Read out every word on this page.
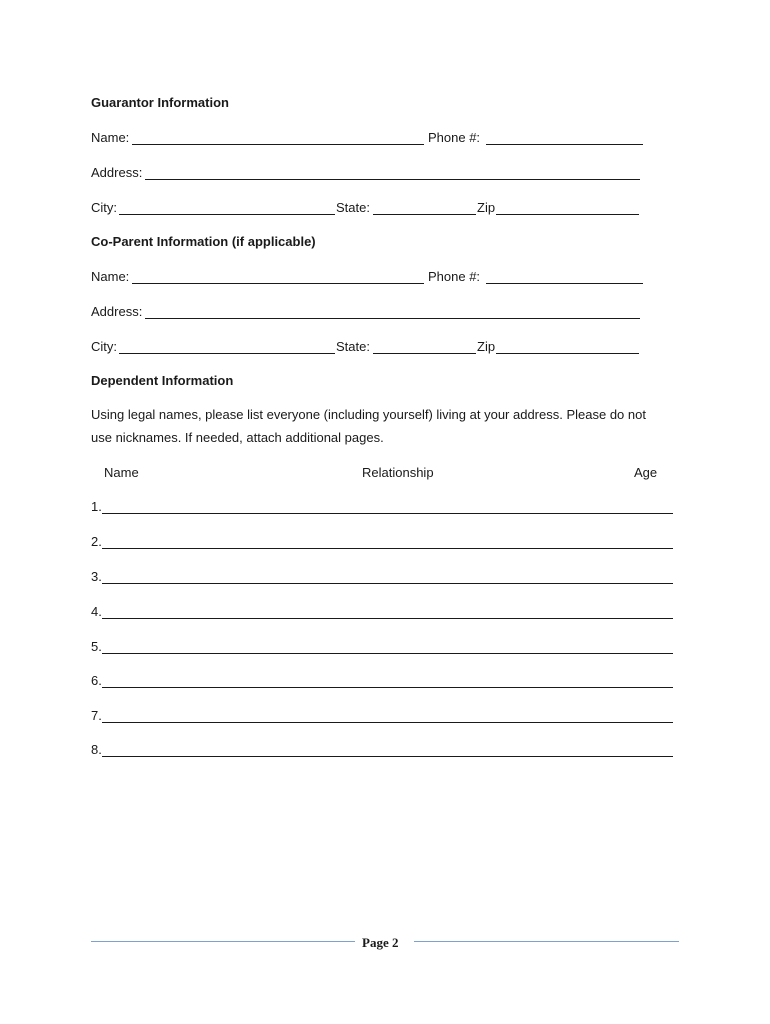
Guarantor Information
Name:	Phone #:
Address:
City:	State:	Zip
Co-Parent Information (if applicable)
Name:	Phone #:
Address:
City:	State:	Zip
Dependent Information
Using legal names, please list everyone (including yourself) living at your address. Please do not
use nicknames. If needed, attach additional pages.
Name	Relationship	Age
1.
2.
3.
4.
5.
6.
7.
8.
Page 2
